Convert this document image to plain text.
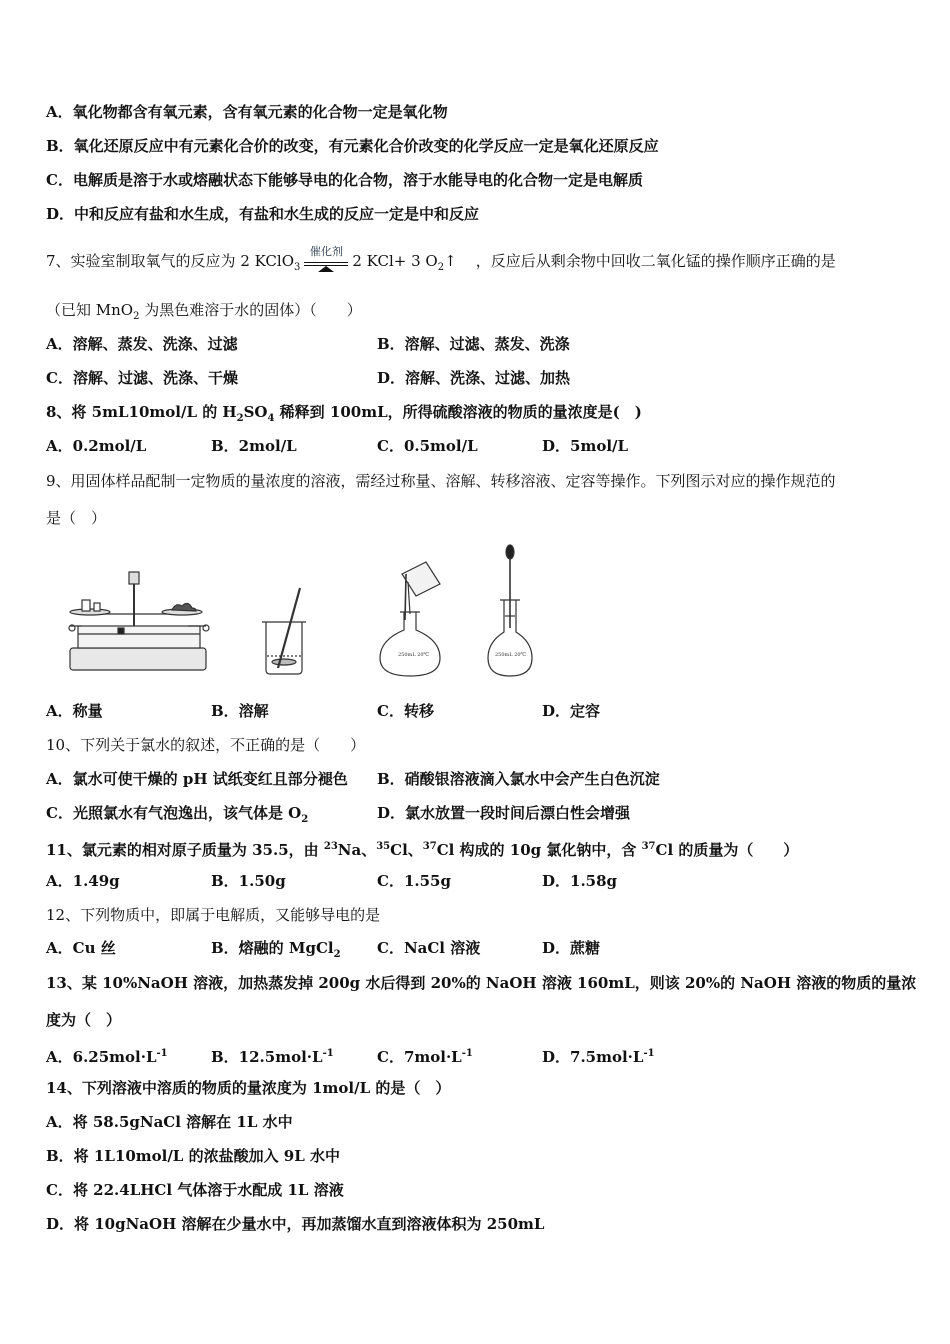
A．氧化物都含有氧元素，含有氧元素的化合物一定是氧化物
B．氧化还原反应中有元素化合价的改变，有元素化合价改变的化学反应一定是氧化还原反应
C．电解质是溶于水或熔融状态下能够导电的化合物，溶于水能导电的化合物一定是电解质
D．中和反应有盐和水生成，有盐和水生成的反应一定是中和反应
7、实验室制取氧气的反应为 2 KClO$_3$
催化剂
2 KCl+ 3 $O_2↑$ ，反应后从剩余物中回收二氧化锰的操作顺序正确的是
（已知 MnO$_2$ 为黑色难溶于水的固体）（　　）
A．溶解、蒸发、洗涤、过滤	B．溶解、过滤、蒸发、洗涤
C．溶解、过滤、洗涤、干燥	D．溶解、洗涤、过滤、加热
8、将 5mL10mol/L 的 $H_2SO_4$ 稀释到 100mL，所得硫酸溶液的物质的量浓度是(　)
A．0.2mol/L	B．2mol/L	C．0.5mol/L	D．5mol/L
9、用固体样品配制一定物质的量浓度的溶液，需经过称量、溶解、转移溶液、定容等操作。下列图示对应的操作规范的
是（　）
250mL 20℃	250mL 20℃
A．称量	B．溶解	C．转移	D．定容
10、下列关于氯水的叙述，不正确的是（　　）
A．氯水可使干燥的 pH 试纸变红且部分褪色 B．硝酸银溶液滴入氯水中会产生白色沉淀
C．光照氯水有气泡逸出，该气体是 $O_2$	D．氯水放置一段时间后漂白性会增强
11、氯元素的相对原子质量为 35.5，由 $^{23}$Na、$^{35}$Cl、$^{37}$Cl 构成的 10g 氯化钠中，含 $^{37}$Cl 的质量为（　　）
A．1.49g	B．1.50g	C．1.55g	D．1.58g
12、下列物质中，即属于电解质，又能够导电的是
A．Cu 丝	B．熔融的 MgCl$_2$ C．NaCl 溶液	D．蔗糖
13、某 10%NaOH 溶液，加热蒸发掉 200g 水后得到 20%的 NaOH 溶液 160mL，则该 20%的 NaOH 溶液的物质的量浓
度为（　）
A．$6.25mol\cdot L^{-1}$	B．$12.5mol\cdot L^{-1}$	C．$7mol\cdot L^{-1}$	D．$7.5mol\cdot L^{-1}$
14、下列溶液中溶质的物质的量浓度为 1mol/L 的是（　）
A．将 58.5gNaCl 溶解在 1L 水中
B．将 1L10mol/L 的浓盐酸加入 9L 水中
C．将 22.4LHCl 气体溶于水配成 1L 溶液
D．将 10gNaOH 溶解在少量水中，再加蒸馏水直到溶液体积为 250mL
